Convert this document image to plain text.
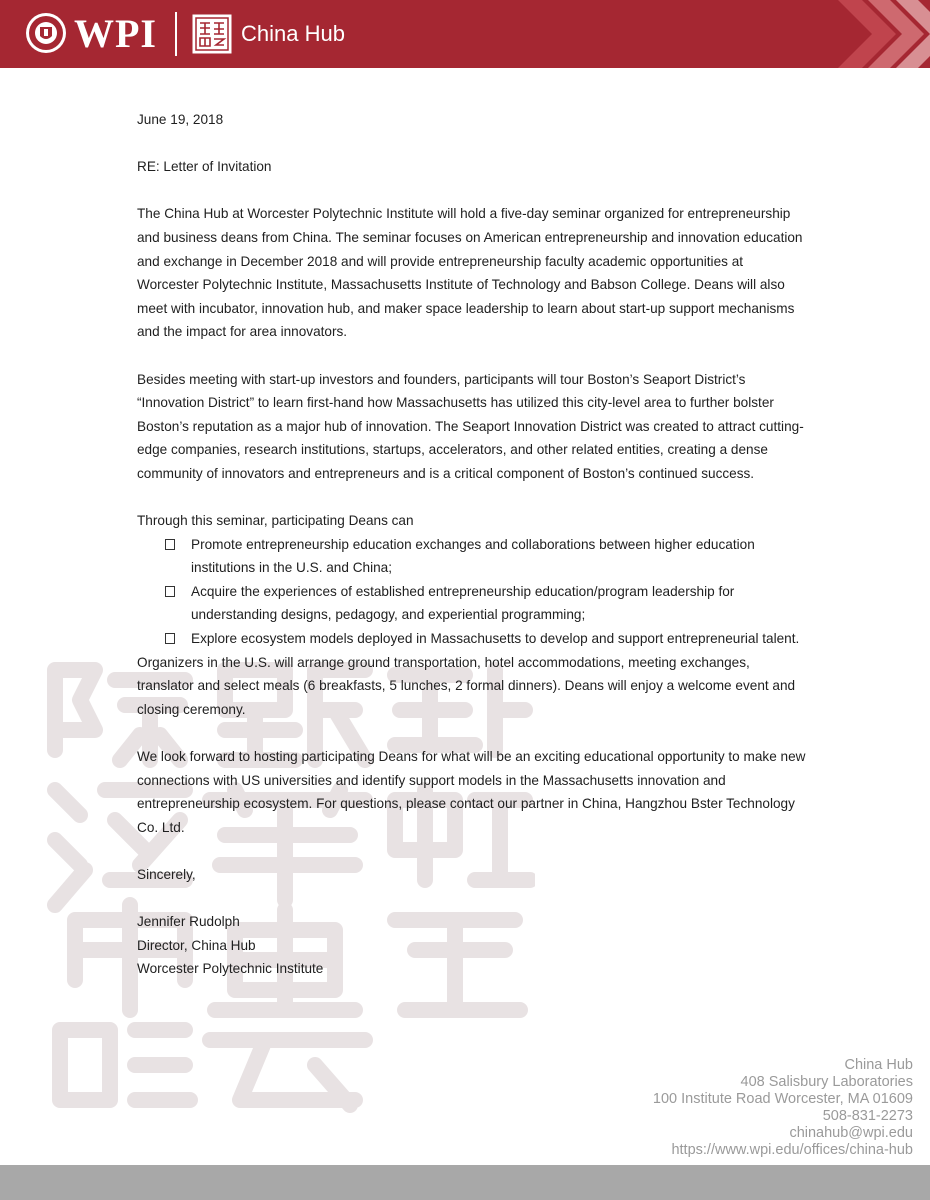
WPI	China Hub

June 19, 2018

RE: Letter of Invitation

The China Hub at Worcester Polytechnic Institute will hold a five-day seminar organized for entrepreneurship and business deans from China. The seminar focuses on American entrepreneurship and innovation education and exchange in December 2018 and will provide entrepreneurship faculty academic opportunities at Worcester Polytechnic Institute, Massachusetts Institute of Technology and Babson College. Deans will also meet with incubator, innovation hub, and maker space leadership to learn about start-up support mechanisms and the impact for area innovators.

Besides meeting with start-up investors and founders, participants will tour Boston’s Seaport District’s “Innovation District” to learn first-hand how Massachusetts has utilized this city-level area to further bolster Boston’s reputation as a major hub of innovation. The Seaport Innovation District was created to attract cutting-edge companies, research institutions, startups, accelerators, and other related entities, creating a dense community of innovators and entrepreneurs and is a critical component of Boston’s continued success.

Through this seminar, participating Deans can

Promote entrepreneurship education exchanges and collaborations between higher education institutions in the U.S. and China;
Acquire the experiences of established entrepreneurship education/program leadership for understanding designs, pedagogy, and experiential programming;
Explore ecosystem models deployed in Massachusetts to develop and support entrepreneurial talent.

Organizers in the U.S. will arrange ground transportation, hotel accommodations, meeting exchanges, translator and select meals (6 breakfasts, 5 lunches, 2 formal dinners). Deans will enjoy a welcome event and closing ceremony.

We look forward to hosting participating Deans for what will be an exciting educational opportunity to make new connections with US universities and identify support models in the Massachusetts innovation and entrepreneurship ecosystem. For questions, please contact our partner in China, Hangzhou Bster Technology Co. Ltd.

Sincerely,

Jennifer Rudolph

Director, China Hub

Worcester Polytechnic Institute

China Hub
408 Salisbury Laboratories
100 Institute Road Worcester, MA 01609
508-831-2273
chinahub@wpi.edu
https://www.wpi.edu/offices/china-hub
